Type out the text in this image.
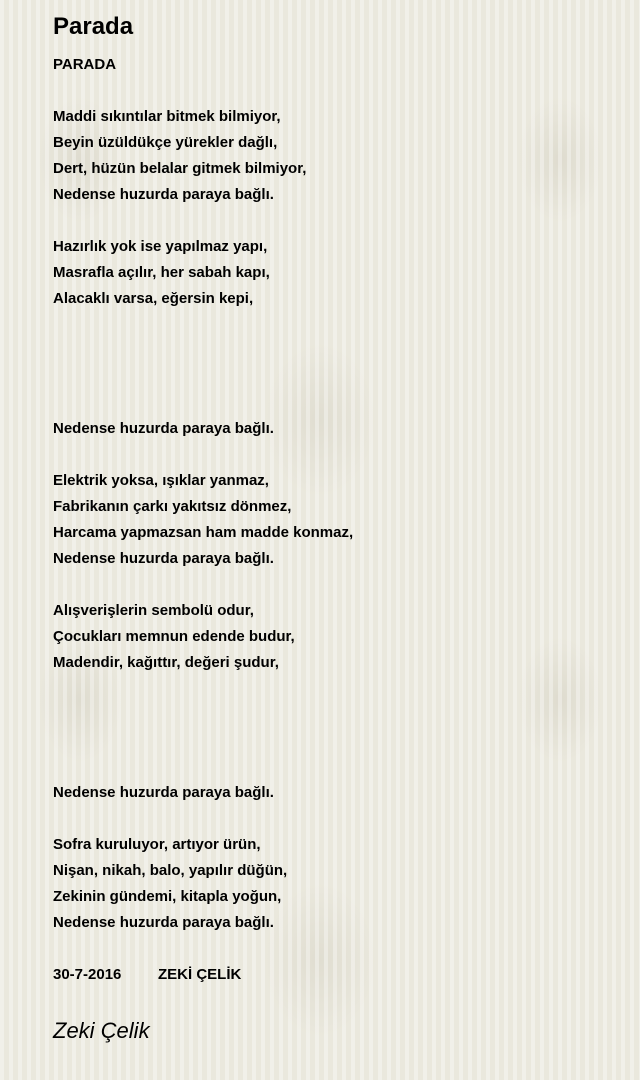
Parada
PARADA
Maddi sıkıntılar bitmek bilmiyor,
Beyin üzüldükçe yürekler dağlı,
Dert, hüzün belalar gitmek bilmiyor,
Nedense huzurda paraya bağlı.
Hazırlık yok ise yapılmaz yapı,
Masrafla açılır, her sabah kapı,
Alacaklı varsa, eğersin kepi,
Nedense huzurda paraya bağlı.
Elektrik yoksa, ışıklar yanmaz,
Fabrikanın çarkı yakıtsız dönmez,
Harcama yapmazsan ham madde konmaz,
Nedense huzurda paraya bağlı.
Alışverişlerin sembolü odur,
Çocukları memnun edende budur,
Madendir, kağıttır, değeri şudur,
Nedense huzurda paraya bağlı.
Sofra kuruluyor, artıyor ürün,
Nişan, nikah, balo, yapılır düğün,
Zekinin gündemi, kitapla yoğun,
Nedense huzurda paraya bağlı.
30-7-2016 ZEKİ ÇELİK
Zeki Çelik
